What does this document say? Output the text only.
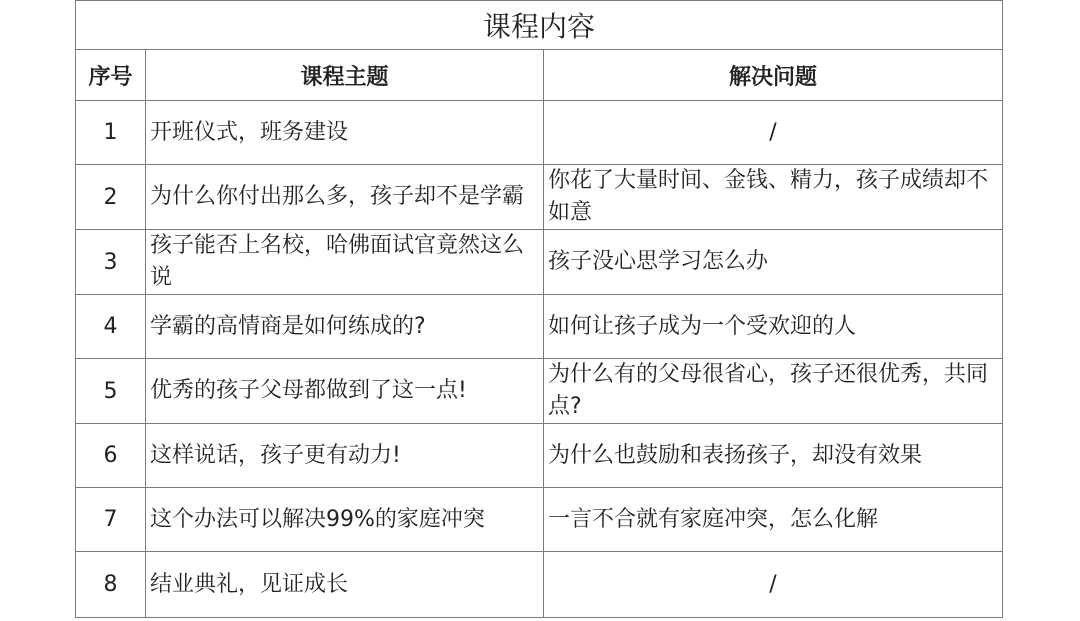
课程内容		
序号	课程主题	解决问题
1	开班仪式，班务建设	/
2	为什么你付出那么多，孩子却不是学霸	你花了大量时间、金钱、精力，孩子成绩却不如意
3	孩子能否上名校，哈佛面试官竟然这么说	孩子没心思学习怎么办
4	学霸的高情商是如何练成的?	如何让孩子成为一个受欢迎的人
5	优秀的孩子父母都做到了这一点!	为什么有的父母很省心，孩子还很优秀，共同点?
6	这样说话，孩子更有动力!	为什么也鼓励和表扬孩子，却没有效果
7	这个办法可以解决99%的家庭冲突	一言不合就有家庭冲突，怎么化解
8	结业典礼，见证成长	/
